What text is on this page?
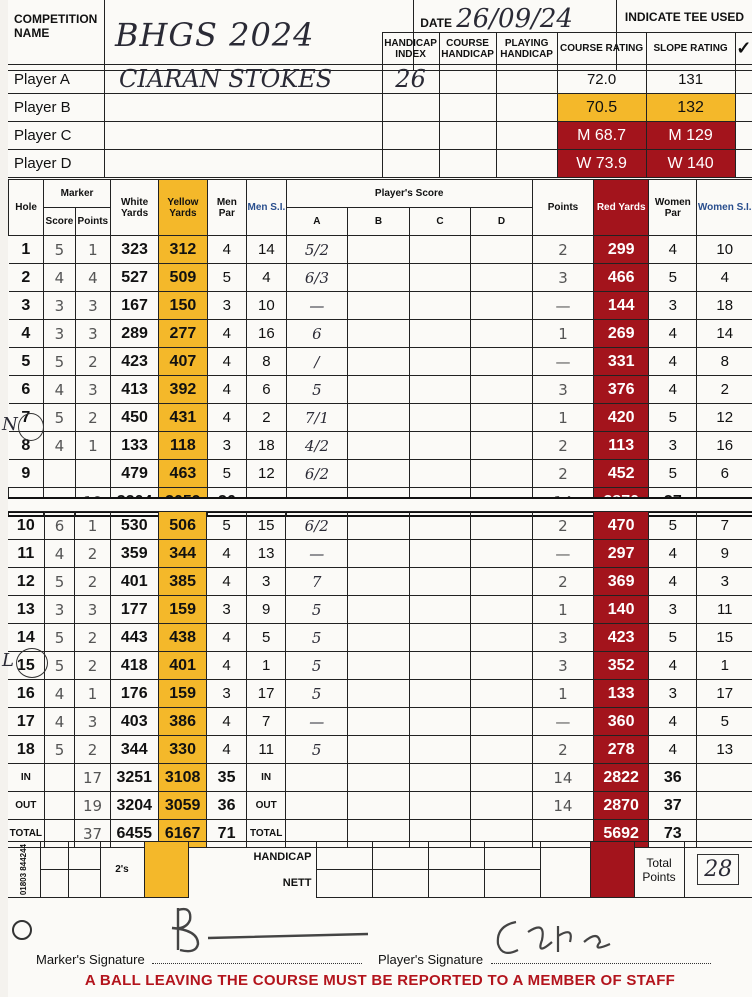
COMPETITION
NAME	BHGS 2024	DATE 26/09/24	INDICATE TEE USED
		HANDICAP INDEX	COURSE HANDICAP	PLAYING HANDICAP	COURSE RATING	SLOPE RATING	✓
Player A	CIARAN STOKES	26			72.0	131	
Player B					70.5	132	
Player C					M 68.7	M 129	
Player D					W 73.9	W 140	
Hole	Marker		White Yards	Yellow Yards	Men Par	Men S.I.	Player's Score				Points	Red Yards	Women Par	Women S.I.
	Score	Points					A	B	C	D				
1	5	1	323	312	4	14	5/2				2	299	4	10
2	4	4	527	509	5	4	6/3				3	466	5	4
3	3	3	167	150	3	10	—				—	144	3	18
4	3	3	289	277	4	16	6				1	269	4	14
5	5	2	423	407	4	8	/				—	331	4	8
6	4	3	413	392	4	6	5				3	376	4	2
7	5	2	450	431	4	2	7/1				1	420	5	12
8	4	1	133	118	3	18	4/2				2	113	3	16
9			479	463	5	12	6/2				2	452	5	6

10	6	1	530	506	5	15	6/2				2	470	5	7
11	4	2	359	344	4	13	—				—	297	4	9
12	5	2	401	385	4	3	7				2	369	4	3
13	3	3	177	159	3	9	5				1	140	3	11
14	5	2	443	438	4	5	5				3	423	5	15
15	5	2	418	401	4	1	5				3	352	4	1
16	4	1	176	159	3	17	5				1	133	3	17
17	4	3	403	386	4	7	—				—	360	4	5
18	5	2	344	330	4	11	5				2	278	4	13
IN		17	3251	3108	35	IN					14	2822	36	
OUT		19	3204	3059	36	OUT					14	2870	37	
TOTAL		37	6455	6167	71	TOTAL						5692	73	
01803 844244			2's		HANDICAP
NETT							Total Points	28

Marker's Signature	Player's Signature
A BALL LEAVING THE COURSE MUST BE REPORTED TO A MEMBER OF STAFF
N
L
